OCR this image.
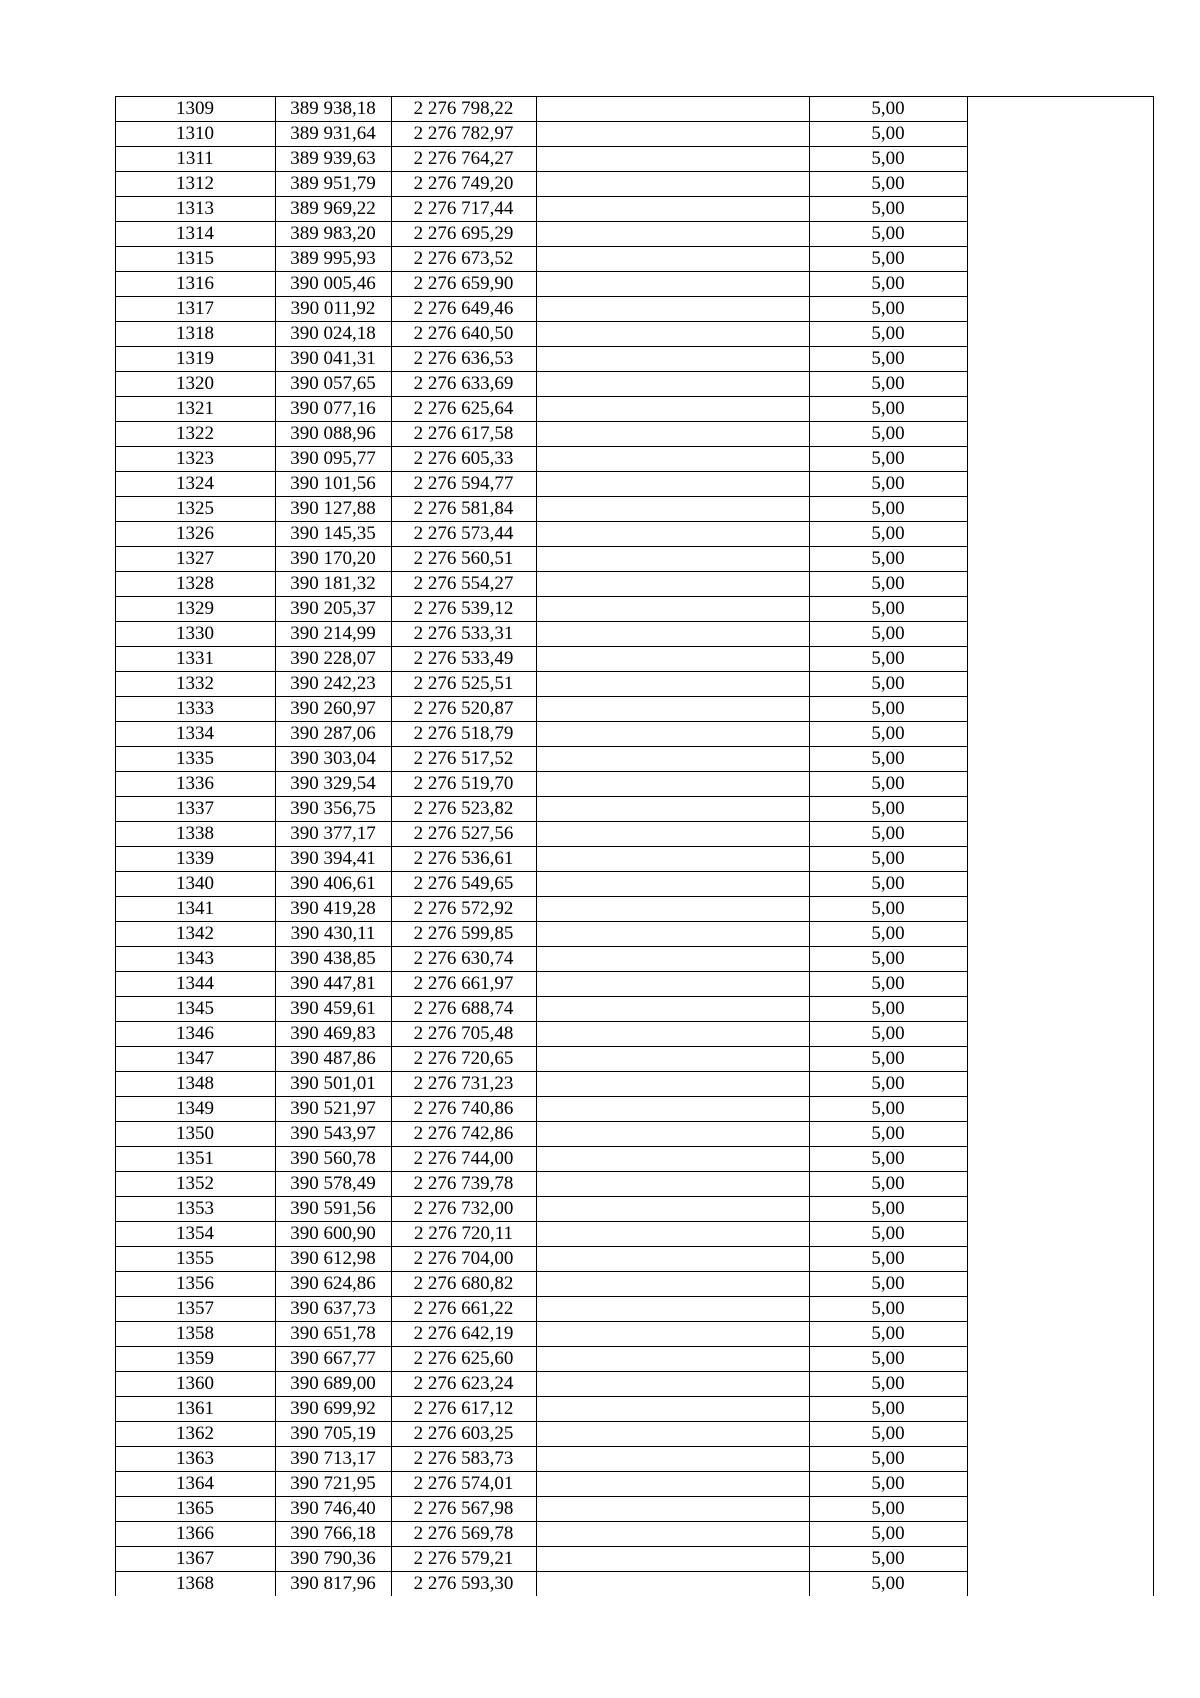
1309	389 938,18	2 276 798,22	5,00
1310	389 931,64	2 276 782,97	5,00
1311	389 939,63	2 276 764,27	5,00
1312	389 951,79	2 276 749,20	5,00
1313	389 969,22	2 276 717,44	5,00
1314	389 983,20	2 276 695,29	5,00
1315	389 995,93	2 276 673,52	5,00
1316	390 005,46	2 276 659,90	5,00
1317	390 011,92	2 276 649,46	5,00
1318	390 024,18	2 276 640,50	5,00
1319	390 041,31	2 276 636,53	5,00
1320	390 057,65	2 276 633,69	5,00
1321	390 077,16	2 276 625,64	5,00
1322	390 088,96	2 276 617,58	5,00
1323	390 095,77	2 276 605,33	5,00
1324	390 101,56	2 276 594,77	5,00
1325	390 127,88	2 276 581,84	5,00
1326	390 145,35	2 276 573,44	5,00
1327	390 170,20	2 276 560,51	5,00
1328	390 181,32	2 276 554,27	5,00
1329	390 205,37	2 276 539,12	5,00
1330	390 214,99	2 276 533,31	5,00
1331	390 228,07	2 276 533,49	5,00
1332	390 242,23	2 276 525,51	5,00
1333	390 260,97	2 276 520,87	5,00
1334	390 287,06	2 276 518,79	5,00
1335	390 303,04	2 276 517,52	5,00
1336	390 329,54	2 276 519,70	5,00
1337	390 356,75	2 276 523,82	5,00
1338	390 377,17	2 276 527,56	5,00
1339	390 394,41	2 276 536,61	5,00
1340	390 406,61	2 276 549,65	5,00
1341	390 419,28	2 276 572,92	5,00
1342	390 430,11	2 276 599,85	5,00
1343	390 438,85	2 276 630,74	5,00
1344	390 447,81	2 276 661,97	5,00
1345	390 459,61	2 276 688,74	5,00
1346	390 469,83	2 276 705,48	5,00
1347	390 487,86	2 276 720,65	5,00
1348	390 501,01	2 276 731,23	5,00
1349	390 521,97	2 276 740,86	5,00
1350	390 543,97	2 276 742,86	5,00
1351	390 560,78	2 276 744,00	5,00
1352	390 578,49	2 276 739,78	5,00
1353	390 591,56	2 276 732,00	5,00
1354	390 600,90	2 276 720,11	5,00
1355	390 612,98	2 276 704,00	5,00
1356	390 624,86	2 276 680,82	5,00
1357	390 637,73	2 276 661,22	5,00
1358	390 651,78	2 276 642,19	5,00
1359	390 667,77	2 276 625,60	5,00
1360	390 689,00	2 276 623,24	5,00
1361	390 699,92	2 276 617,12	5,00
1362	390 705,19	2 276 603,25	5,00
1363	390 713,17	2 276 583,73	5,00
1364	390 721,95	2 276 574,01	5,00
1365	390 746,40	2 276 567,98	5,00
1366	390 766,18	2 276 569,78	5,00
1367	390 790,36	2 276 579,21	5,00
1368	390 817,96	2 276 593,30	5,00
